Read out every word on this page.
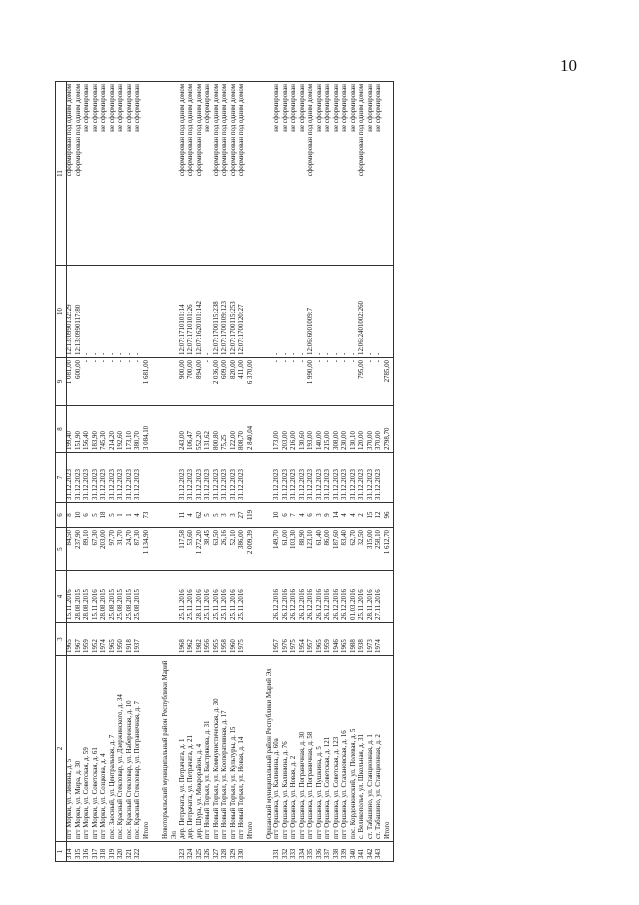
10
1	2	3	4	5	6	7	8	9	10	11
314	пгт Морки, ул. Ленина, д. 5	1965	15.11.2016	84,50	8	31.12.2023	199,40	1 081,00	12:13:0990132:29	сформирован под одним домом
315	пгт Морки, ул. Мира, д. 30	1967	28.08.2015	237,90	10	31.12.2023	151,90	600,00	12:13:0990117:80	сформирован под одним домом
316	пгт Морки, ул. Советская, д. 59	1959	28.08.2015	89,10	6	31.12.2023	156,40	-	-	не сформирован
317	пгт Морки, ул. Советская, д. 61	1952	15.11.2016	67,30	5	31.12.2023	183,90	-	-	не сформирован
318	пгт Морки, ул. Созцкова, д. 4	1974	28.08.2015	203,00	18	31.12.2023	745,30	-	-	не сформирован
319	пос. Заосный, ул. Центральная, д. 7	1965	25.08.2015	97,70	5	31.12.2023	214,20	-	-	не сформирован
320	пос. Красный Стекловар, ул. Дзержинского, д. 34	1950	25.08.2015	31,70	1	31.12.2023	192,60	-	-	не сформирован
321	пос. Красный Стекловар, ул. Набережная, д. 10	1918	25.08.2015	24,70	1	31.12.2023	173,10	-	-	не сформирован
322	пос. Красный Стекловар, ул. Пограничная, д. 7	1937	25.08.2015	87,30	4	31.12.2023	380,70	-	-	не сформирован
	Итого			1 134,90	73		3 084,10	1 681,00		
	Новоторъяльский муниципальный район Республики Марий Эл									
323	дер. Петрачата, ул. Петрачата, д. 1	1968	25.11.2016	117,58	11	31.12.2023	243,00	900,00	12:07:1710101:14	сформирован под одним домом
324	дер. Петрачата, ул. Петрачата, д. 21	1962	25.11.2016	53,60	4	31.12.2023	106,47	700,00	12:07:1710101:26	сформирован под одним домом
325	дер. Шура, ул. Микрорайон, д. 4	1982	28.11.2016	1 272,20	62	31.12.2023	552,20	894,00	12:07:1620101:142	сформирован под одним домом
326	пгт Новый Торъял, ул. Быстрякова, д. 31	1956	25.11.2016	38,45	5	31.12.2023	131,62	-	-	не сформирован
327	пгт Новый Торъял, ул. Коммунистическая, д. 30	1955	25.11.2016	63,50	5	31.12.2023	800,80	2 036,00	12:07:1700115:238	сформирован под одним домом
328	пгт Новый Торъял, ул. Кооперативная, д. 17	1958	25.11.2016	26,16	3	31.12.2023	75,25	609,00	12:07:1700109:123	сформирован под одним домом
329	пгт Новый Торъял, ул. Культуры, д. 15	1960	25.11.2016	52,10	3	31.12.2023	122,00	820,00	12:07:1700115:253	сформирован под одним домом
330	пгт Новый Торъял, ул. Новая, д. 14	1975	25.11.2016	386,00	27	31.12.2023	808,70	411,00	12:07:1700120:27	сформирован под одним домом
	Итого			2 009,39	119		2 840,04	6 370,00		
	Оршанский муниципальный район Республики Марий Эл									
331	пгт Оршанка, ул. Калинина, д. 60а	1957	26.12.2016	149,70	10	31.12.2023	173,00	-	-	не сформирован
332	пгт Оршанка, ул. Калинина, д. 76	1976	26.12.2016	61,00	6	31.12.2023	203,00	-	-	не сформирован
333	пгт Оршанка, ул. Новая, д. 2	1975	26.12.2016	103,30	7	31.12.2023	216,00	-	-	не сформирован
334	пгт Оршанка, ул. Пограничная, д. 30	1954	26.12.2016	88,90	4	31.12.2023	130,60	-	-	не сформирован
335	пгт Оршанка, ул. Пограничная, д. 58	1957	26.12.2016	123,10	6	31.12.2023	193,00	1 990,00	12:06:6001009:7	сформирован под одним домом
336	пгт Оршанка, ул. Пушкина, д. 5	1965	26.12.2016	61,40	3	31.12.2023	140,00	-	-	не сформирован
337	пгт Оршанка, ул. Советская, д. 121	1959	26.12.2016	86,00	9	31.12.2023	215,00	-	-	не сформирован
338	пгт Оршанка, ул. Советская, д. 123	1946	26.12.2016	187,60	14	31.12.2023	308,00	-	-	не сформирован
339	пгт Оршанка, ул. Стахановская, д. 16	1965	26.12.2016	83,40	4	31.12.2023	230,00	-	-	не сформирован
340	пос. Кордонюжский, ул. Полевая, д. 5	1988	01.03.2016	62,70	4	31.12.2023	130,10	-	-	не сформирован
341	с. Великополье, ул. Школьная, д. 31	1938	25.11.2016	32,50	2	31.12.2023	120,00	795,00	12:06:2401002:260	сформирован под одним домом
342	ст. Табашино, ул. Станционная, д. 1	1973	28.11.2016	315,00	15	31.12.2023	370,00	-	-	не сформирован
343	ст. Табашино, ул. Станционная, д. 2	1974	27.11.2016	258,10	12	31.12.2023	370,00	-	-	не сформирован
	Итого			1 612,70	96		2798,70	2785,00		
